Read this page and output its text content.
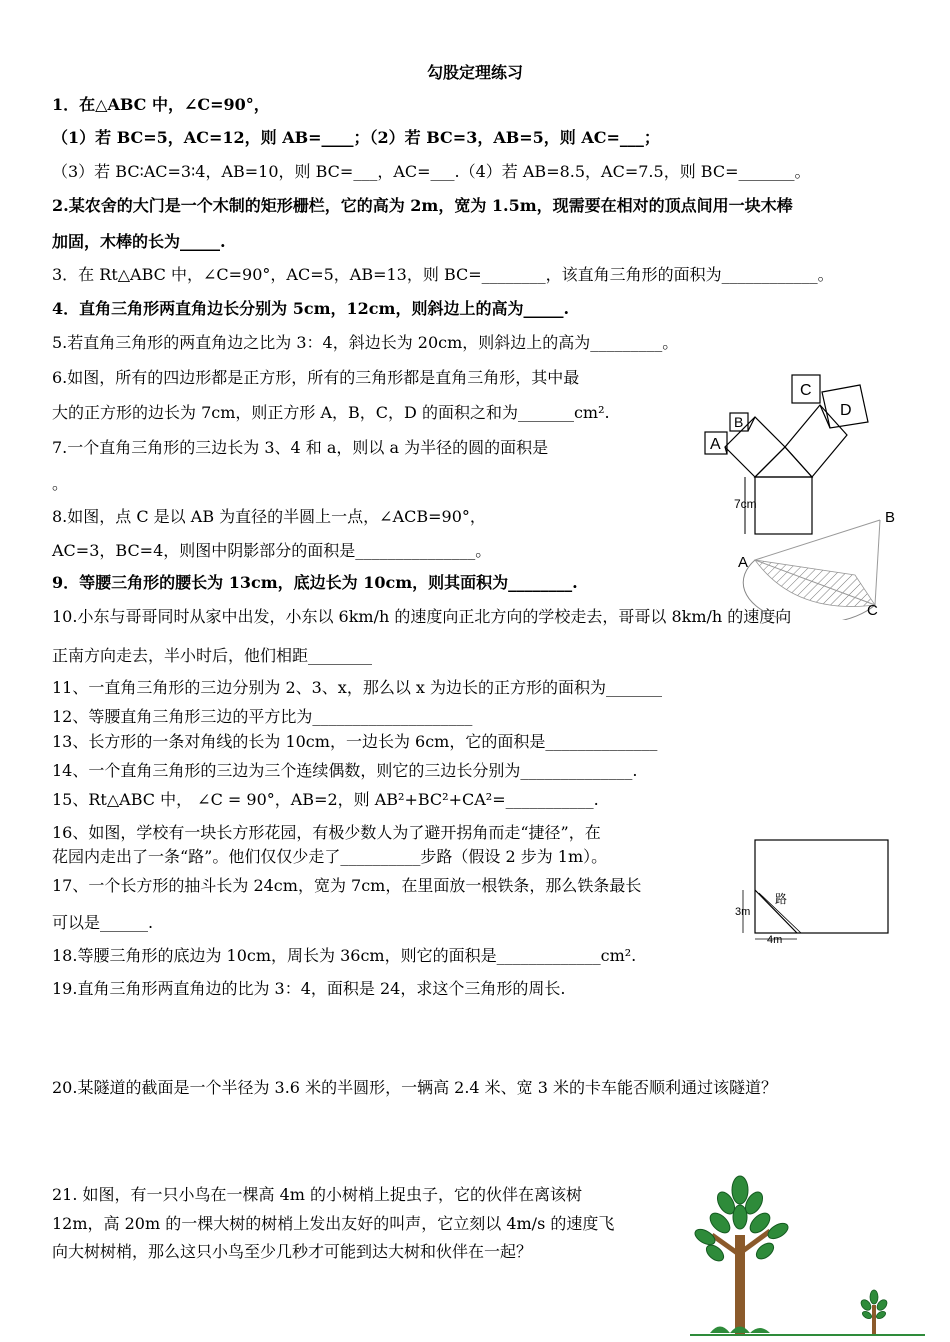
勾股定理练习
1．在△ABC 中，∠C=90°，
（1）若 BC=5，AC=12，则 AB=____；（2）若 BC=3，AB=5，则 AC=___；
（3）若 BC∶AC=3∶4，AB=10，则 BC=___，AC=___.（4）若 AB=8.5，AC=7.5，则 BC=_______。
2.某农舍的大门是一个木制的矩形栅栏，它的高为 2m，宽为 1.5m，现需要在相对的顶点间用一块木棒
加固，木棒的长为_____.
3．在 Rt△ABC 中，∠C=90°，AC=5，AB=13，则 BC=________，该直角三角形的面积为____________。
4．直角三角形两直角边长分别为 5cm，12cm，则斜边上的高为_____.
5.若直角三角形的两直角边之比为 3：4，斜边长为 20cm，则斜边上的高为_________。
6.如图，所有的四边形都是正方形，所有的三角形都是直角三角形，其中最
大的正方形的边长为 7cm，则正方形 A，B，C，D 的面积之和为_______cm².
7.一个直角三角形的三边长为 3、4 和 a，则以 a 为半径的圆的面积是
。
8.如图，点 C 是以 AB 为直径的半圆上一点，∠ACB=90°，
AC=3，BC=4，则图中阴影部分的面积是_______________。
9．等腰三角形的腰长为 13cm，底边长为 10cm，则其面积为________.
10.小东与哥哥同时从家中出发，小东以 6km/h 的速度向正北方向的学校走去，哥哥以 8km/h 的速度向
正南方向走去，半小时后，他们相距________
11、一直角三角形的三边分别为 2、3、x，那么以 x 为边长的正方形的面积为_______
12、等腰直角三角形三边的平方比为____________________
13、长方形的一条对角线的长为 10cm，一边长为 6cm，它的面积是______________
14、一个直角三角形的三边为三个连续偶数，则它的三边长分别为______________.
15、Rt△ABC 中， ∠C = 90°，AB=2，则 AB²+BC²+CA²=___________.
16、如图，学校有一块长方形花园，有极少数人为了避开拐角而走“捷径”，在
花园内走出了一条“路”。他们仅仅少走了__________步路（假设 2 步为 1m）。
17、一个长方形的抽斗长为 24cm，宽为 7cm，在里面放一根铁条，那么铁条最长
可以是______.
18.等腰三角形的底边为 10cm，周长为 36cm，则它的面积是_____________cm².
19.直角三角形两直角边的比为 3：4，面积是 24，求这个三角形的周长.
20.某隧道的截面是一个半径为 3.6 米的半圆形，一辆高 2.4 米、宽 3 米的卡车能否顺利通过该隧道？
21. 如图，有一只小鸟在一棵高 4m 的小树梢上捉虫子，它的伙伴在离该树
12m，高 20m 的一棵大树的树梢上发出友好的叫声，它立刻以 4m/s 的速度飞
向大树树梢，那么这只小鸟至少几秒才可能到达大树和伙伴在一起？
A
B
C
D
7cm
A
B
C
路
3m
4m
